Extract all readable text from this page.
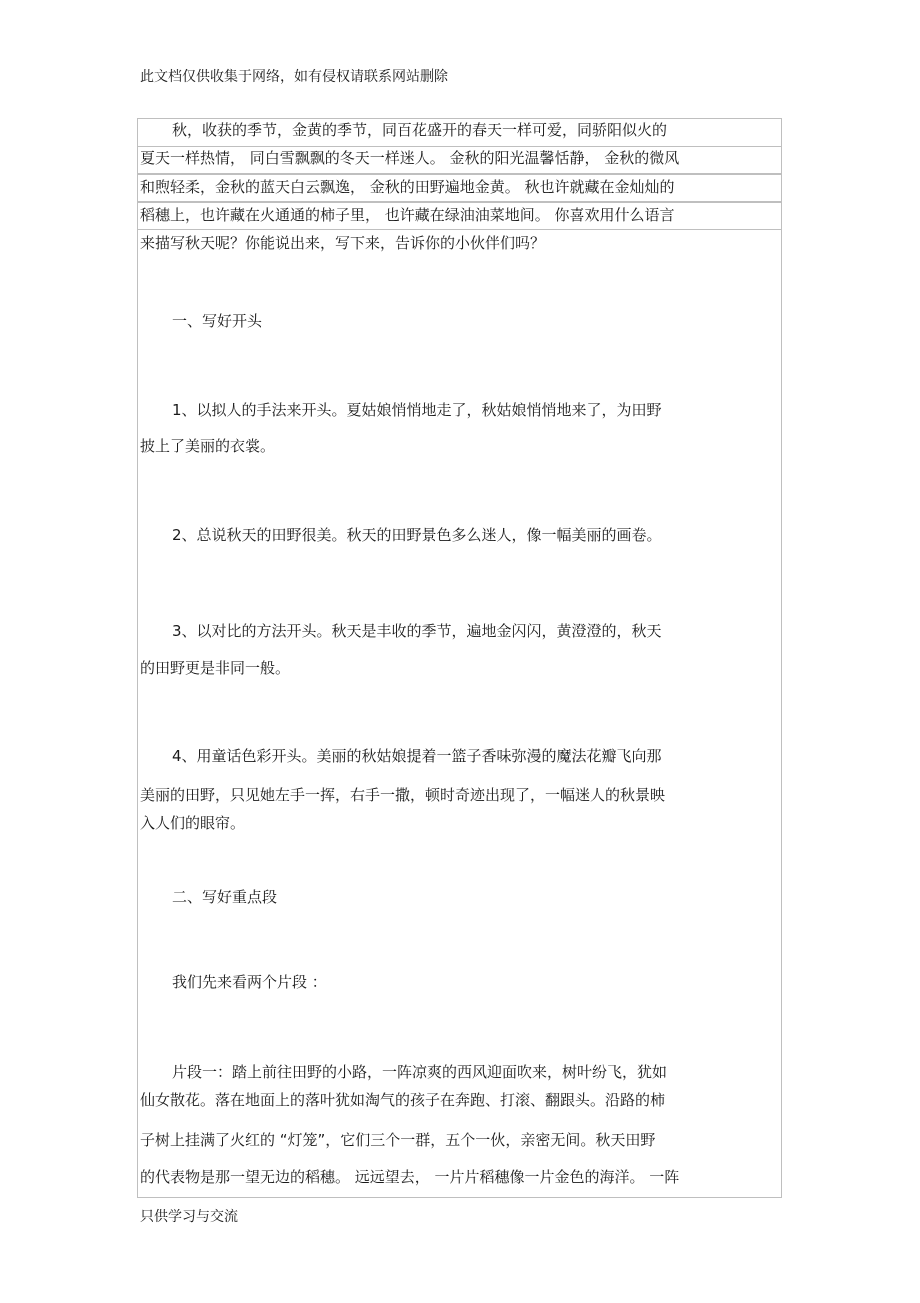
此文档仅供收集于网络，如有侵权请联系网站删除
秋，收获的季节，金黄的季节，同百花盛开的春天一样可爱，同骄阳似火的
夏天一样热情， 同白雪飘飘的冬天一样迷人。 金秋的阳光温馨恬静， 金秋的微风
和煦轻柔，金秋的蓝天白云飘逸， 金秋的田野遍地金黄。 秋也许就藏在金灿灿的
稻穗上，也许藏在火通通的柿子里， 也许藏在绿油油菜地间。 你喜欢用什么语言
来描写秋天呢？你能说出来，写下来，告诉你的小伙伴们吗？
一、写好开头
1、以拟人的手法来开头。夏姑娘悄悄地走了，秋姑娘悄悄地来了，为田野
披上了美丽的衣裳。
2、总说秋天的田野很美。秋天的田野景色多么迷人，像一幅美丽的画卷。
3、以对比的方法开头。秋天是丰收的季节，遍地金闪闪，黄澄澄的，秋天
的田野更是非同一般。
4、用童话色彩开头。美丽的秋姑娘提着一篮子香味弥漫的魔法花瓣飞向那
美丽的田野，只见她左手一挥，右手一撒，顿时奇迹出现了，一幅迷人的秋景映
入人们的眼帘。
二、写好重点段
我们先来看两个片段 ：
片段一：踏上前往田野的小路，一阵凉爽的西风迎面吹来，树叶纷飞，犹如
仙女散花。落在地面上的落叶犹如淘气的孩子在奔跑、打滚、翻跟头。沿路的柿
子树上挂满了火红的 “灯笼”，它们三个一群，五个一伙，亲密无间。秋天田野
的代表物是那一望无边的稻穗。 远远望去， 一片片稻穗像一片金色的海洋。 一阵
只供学习与交流
